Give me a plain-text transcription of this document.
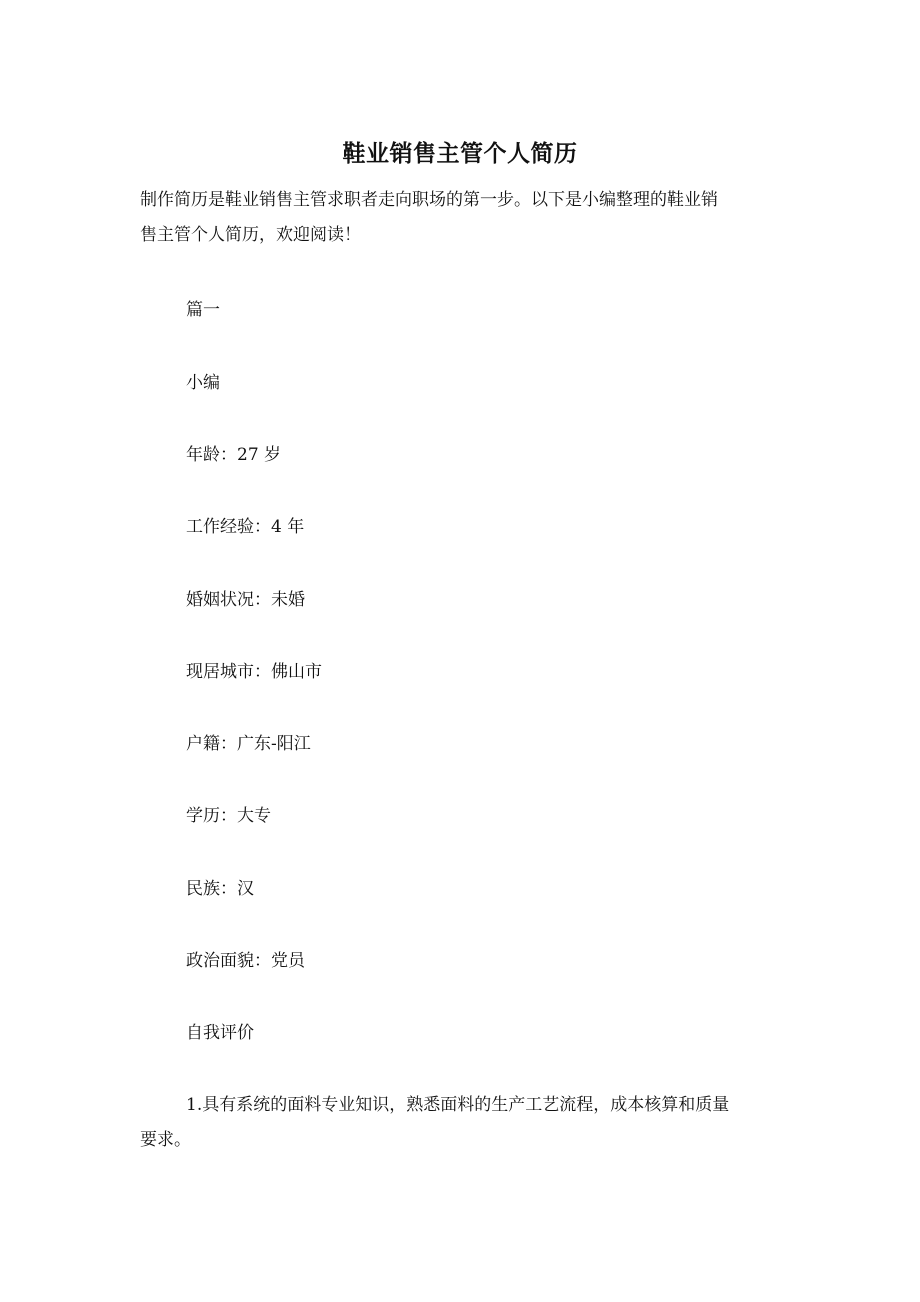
鞋业销售主管个人简历
制作简历是鞋业销售主管求职者走向职场的第一步。以下是小编整理的鞋业销
售主管个人简历，欢迎阅读！
篇一
小编
年龄：27 岁
工作经验：4 年
婚姻状况：未婚
现居城市：佛山市
户籍：广东-阳江
学历：大专
民族：汉
政治面貌：党员
自我评价
1.具有系统的面料专业知识，熟悉面料的生产工艺流程，成本核算和质量
要求。
